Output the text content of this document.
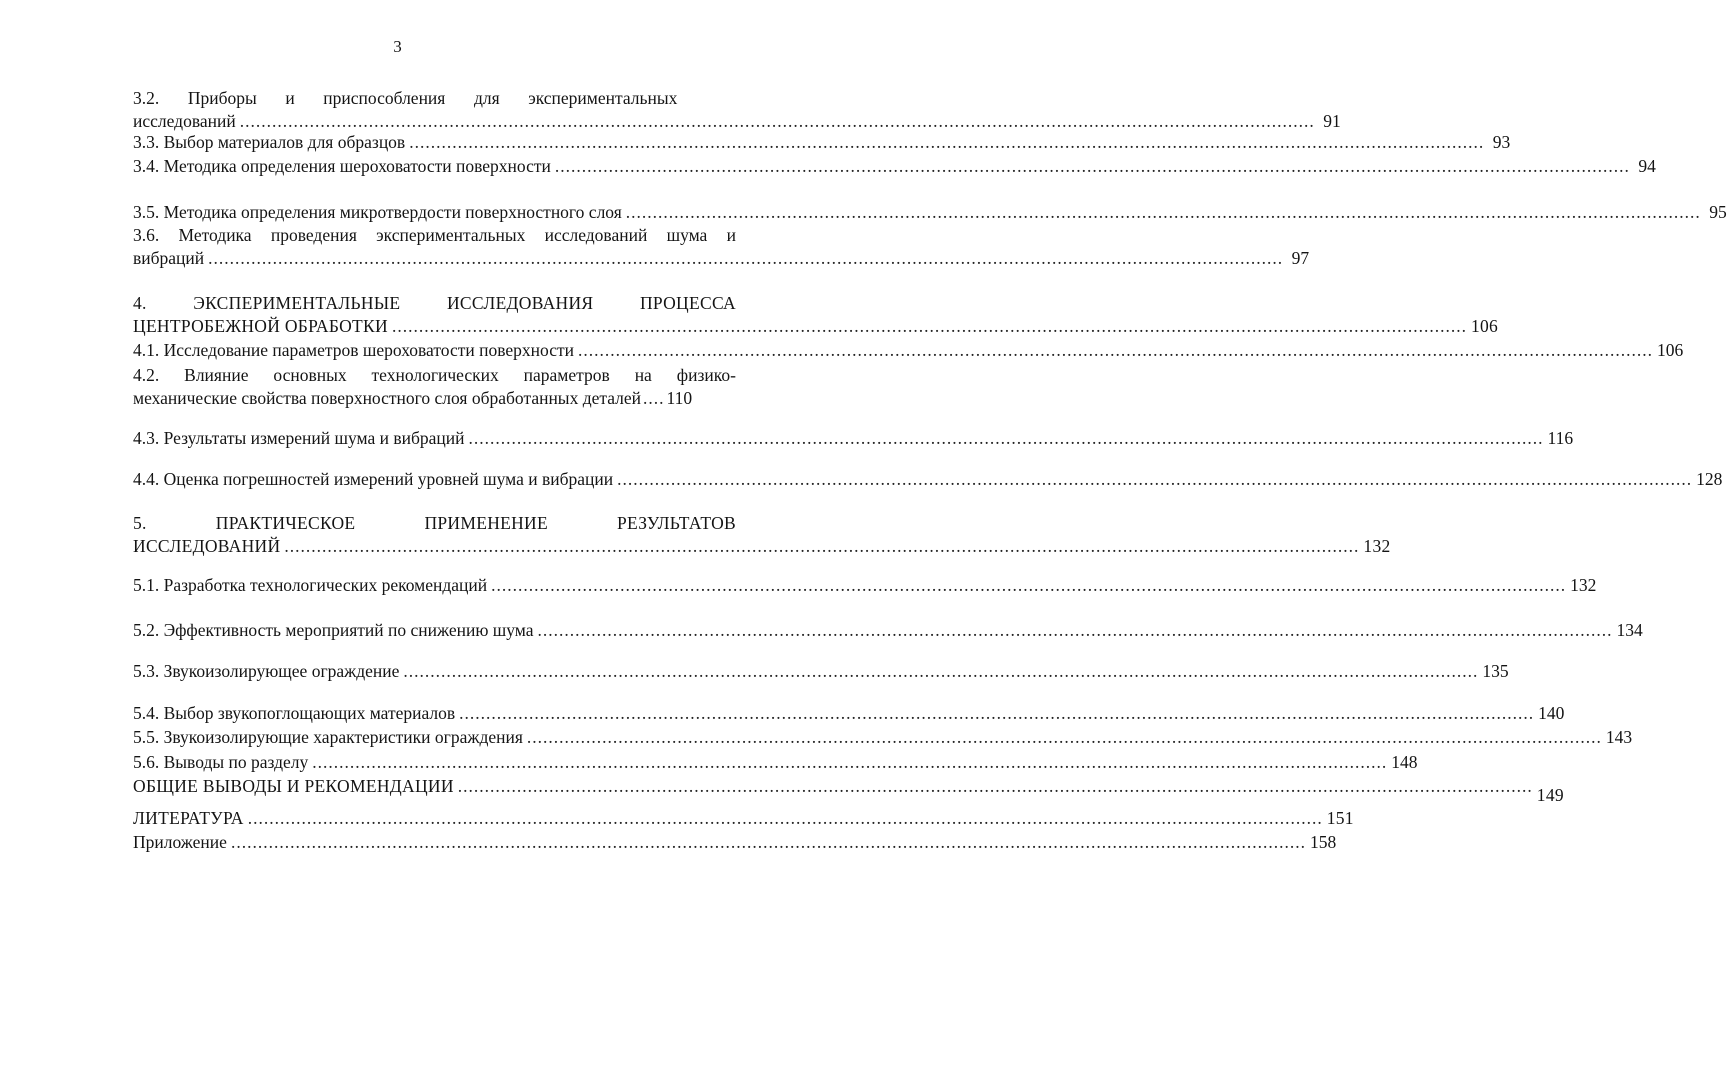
3
3.2. Приборы и приспособления для экспериментальных
исследований ........................................................................................................................................................................................................ 91
3.3. Выбор материалов для образцов ........................................................................................................................................................................................................ 93
3.4. Методика определения шероховатости поверхности ........................................................................................................................................................................................................ 94
3.5. Методика определения микротвердости поверхностного слоя ........................................................................................................................................................................................................ 95
3.6. Методика проведения экспериментальных исследований шума и
вибраций ........................................................................................................................................................................................................ 97
4.	ЭКСПЕРИМЕНТАЛЬНЫЕ	ИССЛЕДОВАНИЯ	ПРОЦЕССА
ЦЕНТРОБЕЖНОЙ ОБРАБОТКИ ........................................................................................................................................................................................................ 106
4.1. Исследование параметров шероховатости поверхности ........................................................................................................................................................................................................ 106
4.2. Влияние основных технологических параметров на физико-
механические свойства поверхностного слоя обработанных деталей .... 110
4.3. Результаты измерений шума и вибраций ........................................................................................................................................................................................................ 116
4.4. Оценка погрешностей измерений уровней шума и вибрации ........................................................................................................................................................................................................ 128
5.	ПРАКТИЧЕСКОЕ	ПРИМЕНЕНИЕ	РЕЗУЛЬТАТОВ
ИССЛЕДОВАНИЙ ........................................................................................................................................................................................................ 132
5.1. Разработка технологических рекомендаций ........................................................................................................................................................................................................ 132
5.2. Эффективность мероприятий по снижению шума ........................................................................................................................................................................................................ 134
5.3. Звукоизолирующее ограждение ........................................................................................................................................................................................................ 135
5.4. Выбор звукопоглощающих материалов ........................................................................................................................................................................................................ 140
5.5. Звукоизолирующие характеристики ограждения ........................................................................................................................................................................................................ 143
5.6. Выводы по разделу ........................................................................................................................................................................................................ 148
ОБЩИЕ ВЫВОДЫ И РЕКОМЕНДАЦИИ ........................................................................................................................................................................................................ 149
ЛИТЕРАТУРА ........................................................................................................................................................................................................ 151
Приложение ........................................................................................................................................................................................................ 158
